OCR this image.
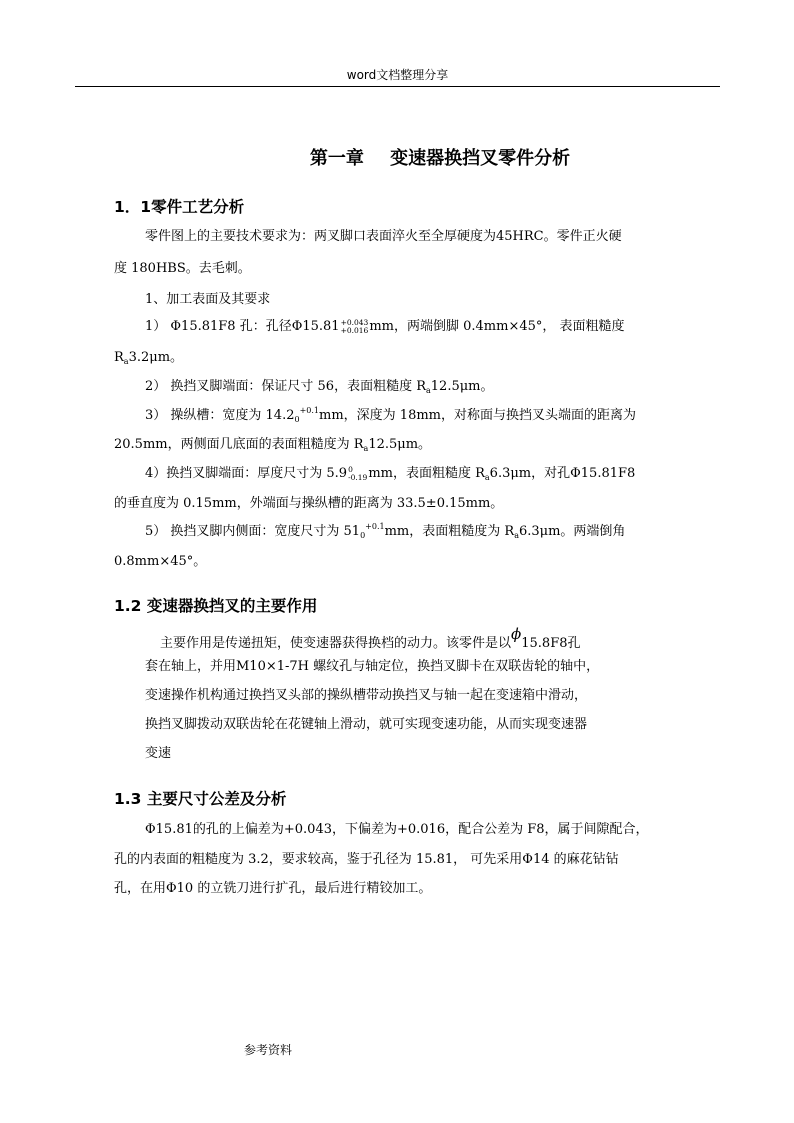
word文档整理分享
第一章 变速器换挡叉零件分析
1．1零件工艺分析
零件图上的主要技术要求为：两叉脚口表面淬火至全厚硬度为45HRC。零件正火硬
度 180HBS。去毛刺。
1、加工表面及其要求
1） Φ15.81F8 孔：孔径Φ15.81 +0.043
+0.016 mm，两端倒脚 0.4mm×45°， 表面粗糙度
$R_a3.2\mu m$。
2） 换挡叉脚端面：保证尺寸 56，表面粗糙度 $R_a12.5\mu m$。
3） 操纵槽：宽度为 $14.2_0^{+0.1}mm$，深度为 18mm，对称面与换挡叉头端面的距离为
20.5mm，两侧面几底面的表面粗糙度为 $R_a12.5\mu m$。
4）换挡叉脚端面：厚度尺寸为 5.9 0
-0.19 mm，表面粗糙度 $R_a6.3\mu m$，对孔Φ15.81F8
的垂直度为 0.15mm，外端面与操纵槽的距离为 33.5±0.15mm。
5） 换挡叉脚内侧面：宽度尺寸为 $51_0^{+0.1}mm$，表面粗糙度为 $R_a6.3\mu m$。两端倒角
0.8mm×45°。
1.2 变速器换挡叉的主要作用
主要作用是传递扭矩，使变速器获得换档的动力。该零件是以ϕ15.8F8孔
套在轴上，并用M10×1-7H 螺纹孔与轴定位，换挡叉脚卡在双联齿轮的轴中，
变速操作机构通过换挡叉头部的操纵槽带动换挡叉与轴一起在变速箱中滑动，
换挡叉脚拨动双联齿轮在花键轴上滑动，就可实现变速功能，从而实现变速器
变速
1.3 主要尺寸公差及分析
Φ15.81的孔的上偏差为+0.043，下偏差为+0.016，配合公差为 F8，属于间隙配合，
孔的内表面的粗糙度为 3.2，要求较高，鉴于孔径为 15.81， 可先采用Φ14 的麻花钻钻
孔，在用Φ10 的立铣刀进行扩孔，最后进行精铰加工。
参考资料
